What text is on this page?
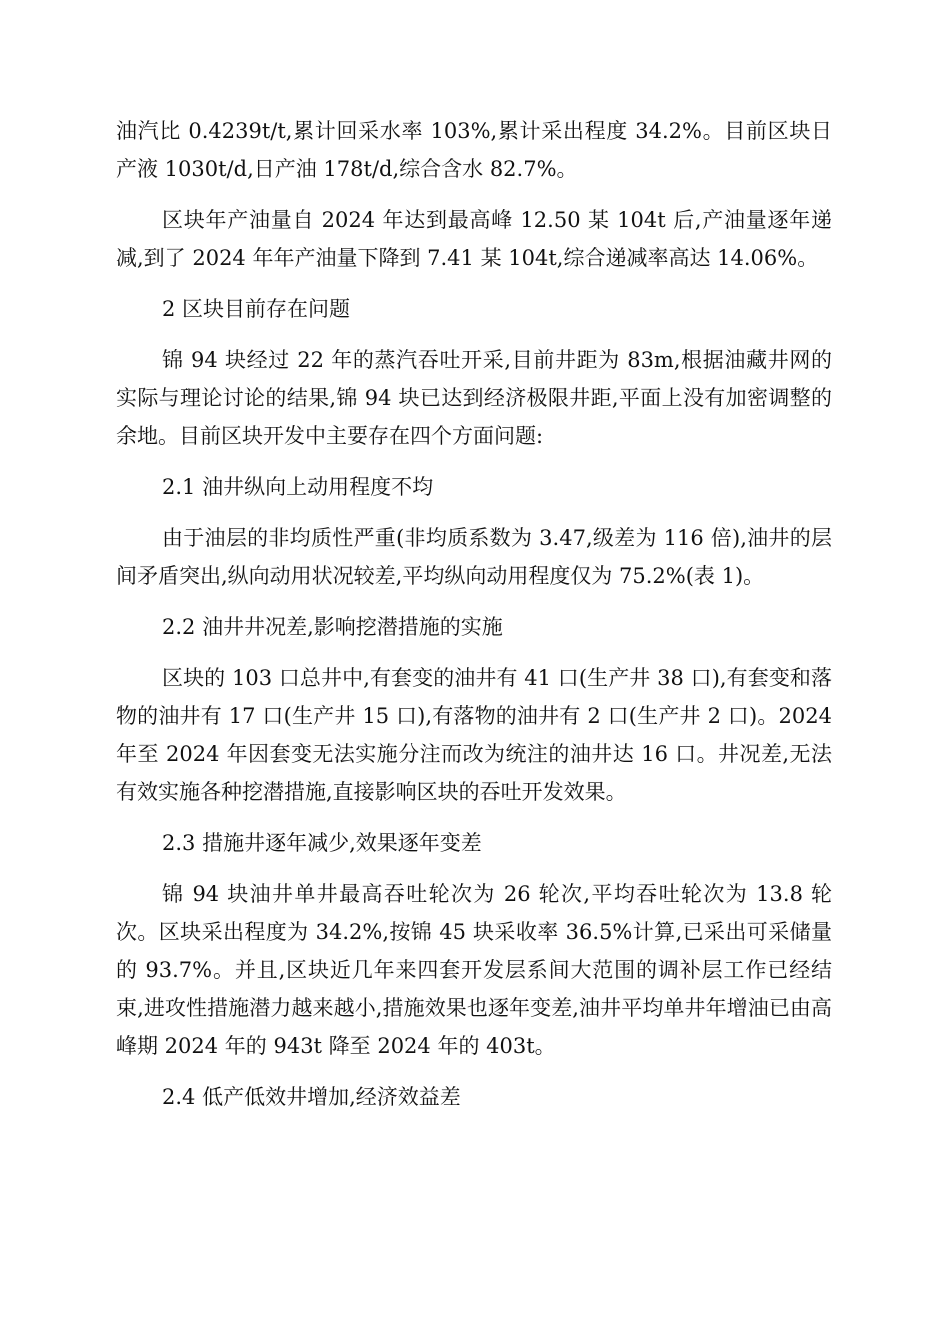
油汽比 0.4239t/t,累计回采水率 103%,累计采出程度 34.2%。目前区块日产液 1030t/d,日产油 178t/d,综合含水 82.7%。

区块年产油量自 2024 年达到最高峰 12.50 某 104t 后,产油量逐年递减,到了 2024 年年产油量下降到 7.41 某 104t,综合递减率高达 14.06%。

2 区块目前存在问题

锦 94 块经过 22 年的蒸汽吞吐开采,目前井距为 83m,根据油藏井网的实际与理论讨论的结果,锦 94 块已达到经济极限井距,平面上没有加密调整的余地。目前区块开发中主要存在四个方面问题:

2.1 油井纵向上动用程度不均

由于油层的非均质性严重(非均质系数为 3.47,级差为 116 倍),油井的层间矛盾突出,纵向动用状况较差,平均纵向动用程度仅为 75.2%(表 1)。

2.2 油井井况差,影响挖潜措施的实施

区块的 103 口总井中,有套变的油井有 41 口(生产井 38 口),有套变和落物的油井有 17 口(生产井 15 口),有落物的油井有 2 口(生产井 2 口)。2024 年至 2024 年因套变无法实施分注而改为统注的油井达 16 口。井况差,无法有效实施各种挖潜措施,直接影响区块的吞吐开发效果。

2.3 措施井逐年减少,效果逐年变差

锦 94 块油井单井最高吞吐轮次为 26 轮次,平均吞吐轮次为 13.8 轮次。区块采出程度为 34.2%,按锦 45 块采收率 36.5%计算,已采出可采储量的 93.7%。并且,区块近几年来四套开发层系间大范围的调补层工作已经结束,进攻性措施潜力越来越小,措施效果也逐年变差,油井平均单井年增油已由高峰期 2024 年的 943t 降至 2024 年的 403t。

2.4 低产低效井增加,经济效益差
